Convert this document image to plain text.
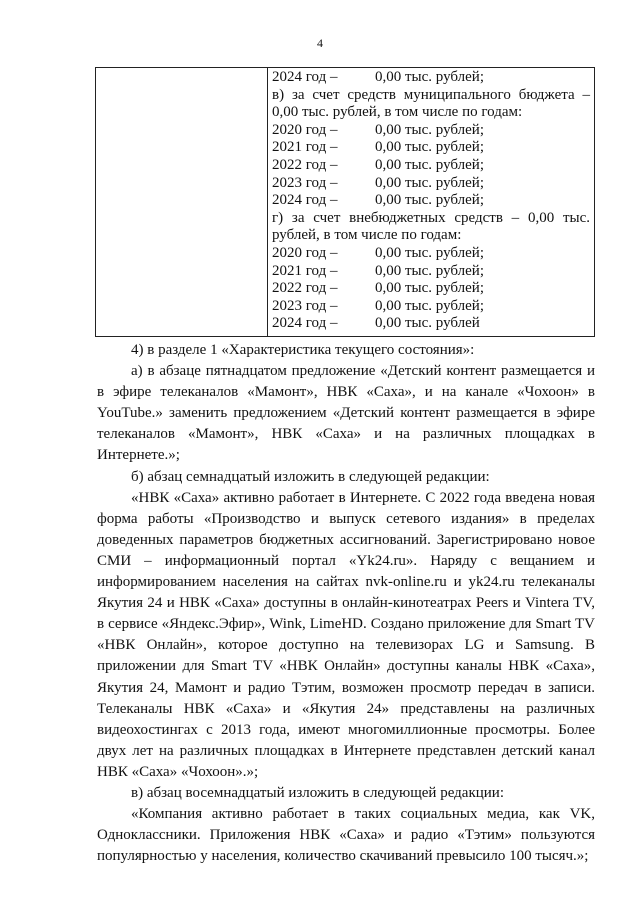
4

2024 год –	0,00 тыс. рублей;
в) за счет средств муниципального бюджета – 0,00 тыс. рублей, в том числе по годам:
2020 год –	0,00 тыс. рублей;
2021 год –	0,00 тыс. рублей;
2022 год –	0,00 тыс. рублей;
2023 год –	0,00 тыс. рублей;
2024 год –	0,00 тыс. рублей;
г) за счет внебюджетных средств – 0,00 тыс. рублей, в том числе по годам:
2020 год –	0,00 тыс. рублей;
2021 год –	0,00 тыс. рублей;
2022 год –	0,00 тыс. рублей;
2023 год –	0,00 тыс. рублей;
2024 год –	0,00 тыс. рублей

4) в разделе 1 «Характеристика текущего состояния»:

а) в абзаце пятнадцатом предложение «Детский контент размещается и в эфире телеканалов «Мамонт», НВК «Саха», и на канале «Чохоон» в YouTube.» заменить предложением «Детский контент размещается в эфире телеканалов «Мамонт», НВК «Саха» и на различных площадках в Интернете.»;

б) абзац семнадцатый изложить в следующей редакции:

«НВК «Саха» активно работает в Интернете. С 2022 года введена новая форма работы «Производство и выпуск сетевого издания» в пределах доведенных параметров бюджетных ассигнований. Зарегистрировано новое СМИ – информационный портал «Yk24.ru». Наряду с вещанием и информированием населения на сайтах nvk-online.ru и yk24.ru телеканалы Якутия 24 и НВК «Саха» доступны в онлайн-кинотеатрах Peers и Vintera TV, в сервисе «Яндекс.Эфир», Wink, LimeHD. Создано приложение для Smart TV «НВК Онлайн», которое доступно на телевизорах LG и Samsung. В приложении для Smart TV «НВК Онлайн» доступны каналы НВК «Саха», Якутия 24, Мамонт и радио Тэтим, возможен просмотр передач в записи. Телеканалы НВК «Саха» и «Якутия 24» представлены на различных видеохостингах с 2013 года, имеют многомиллионные просмотры. Более двух лет на различных площадках в Интернете представлен детский канал НВК «Саха» «Чохоон».»;

в) абзац восемнадцатый изложить в следующей редакции:

«Компания активно работает в таких социальных медиа, как VK, Одноклассники. Приложения НВК «Саха» и радио «Тэтим» пользуются популярностью у населения, количество скачиваний превысило 100 тысяч.»;
